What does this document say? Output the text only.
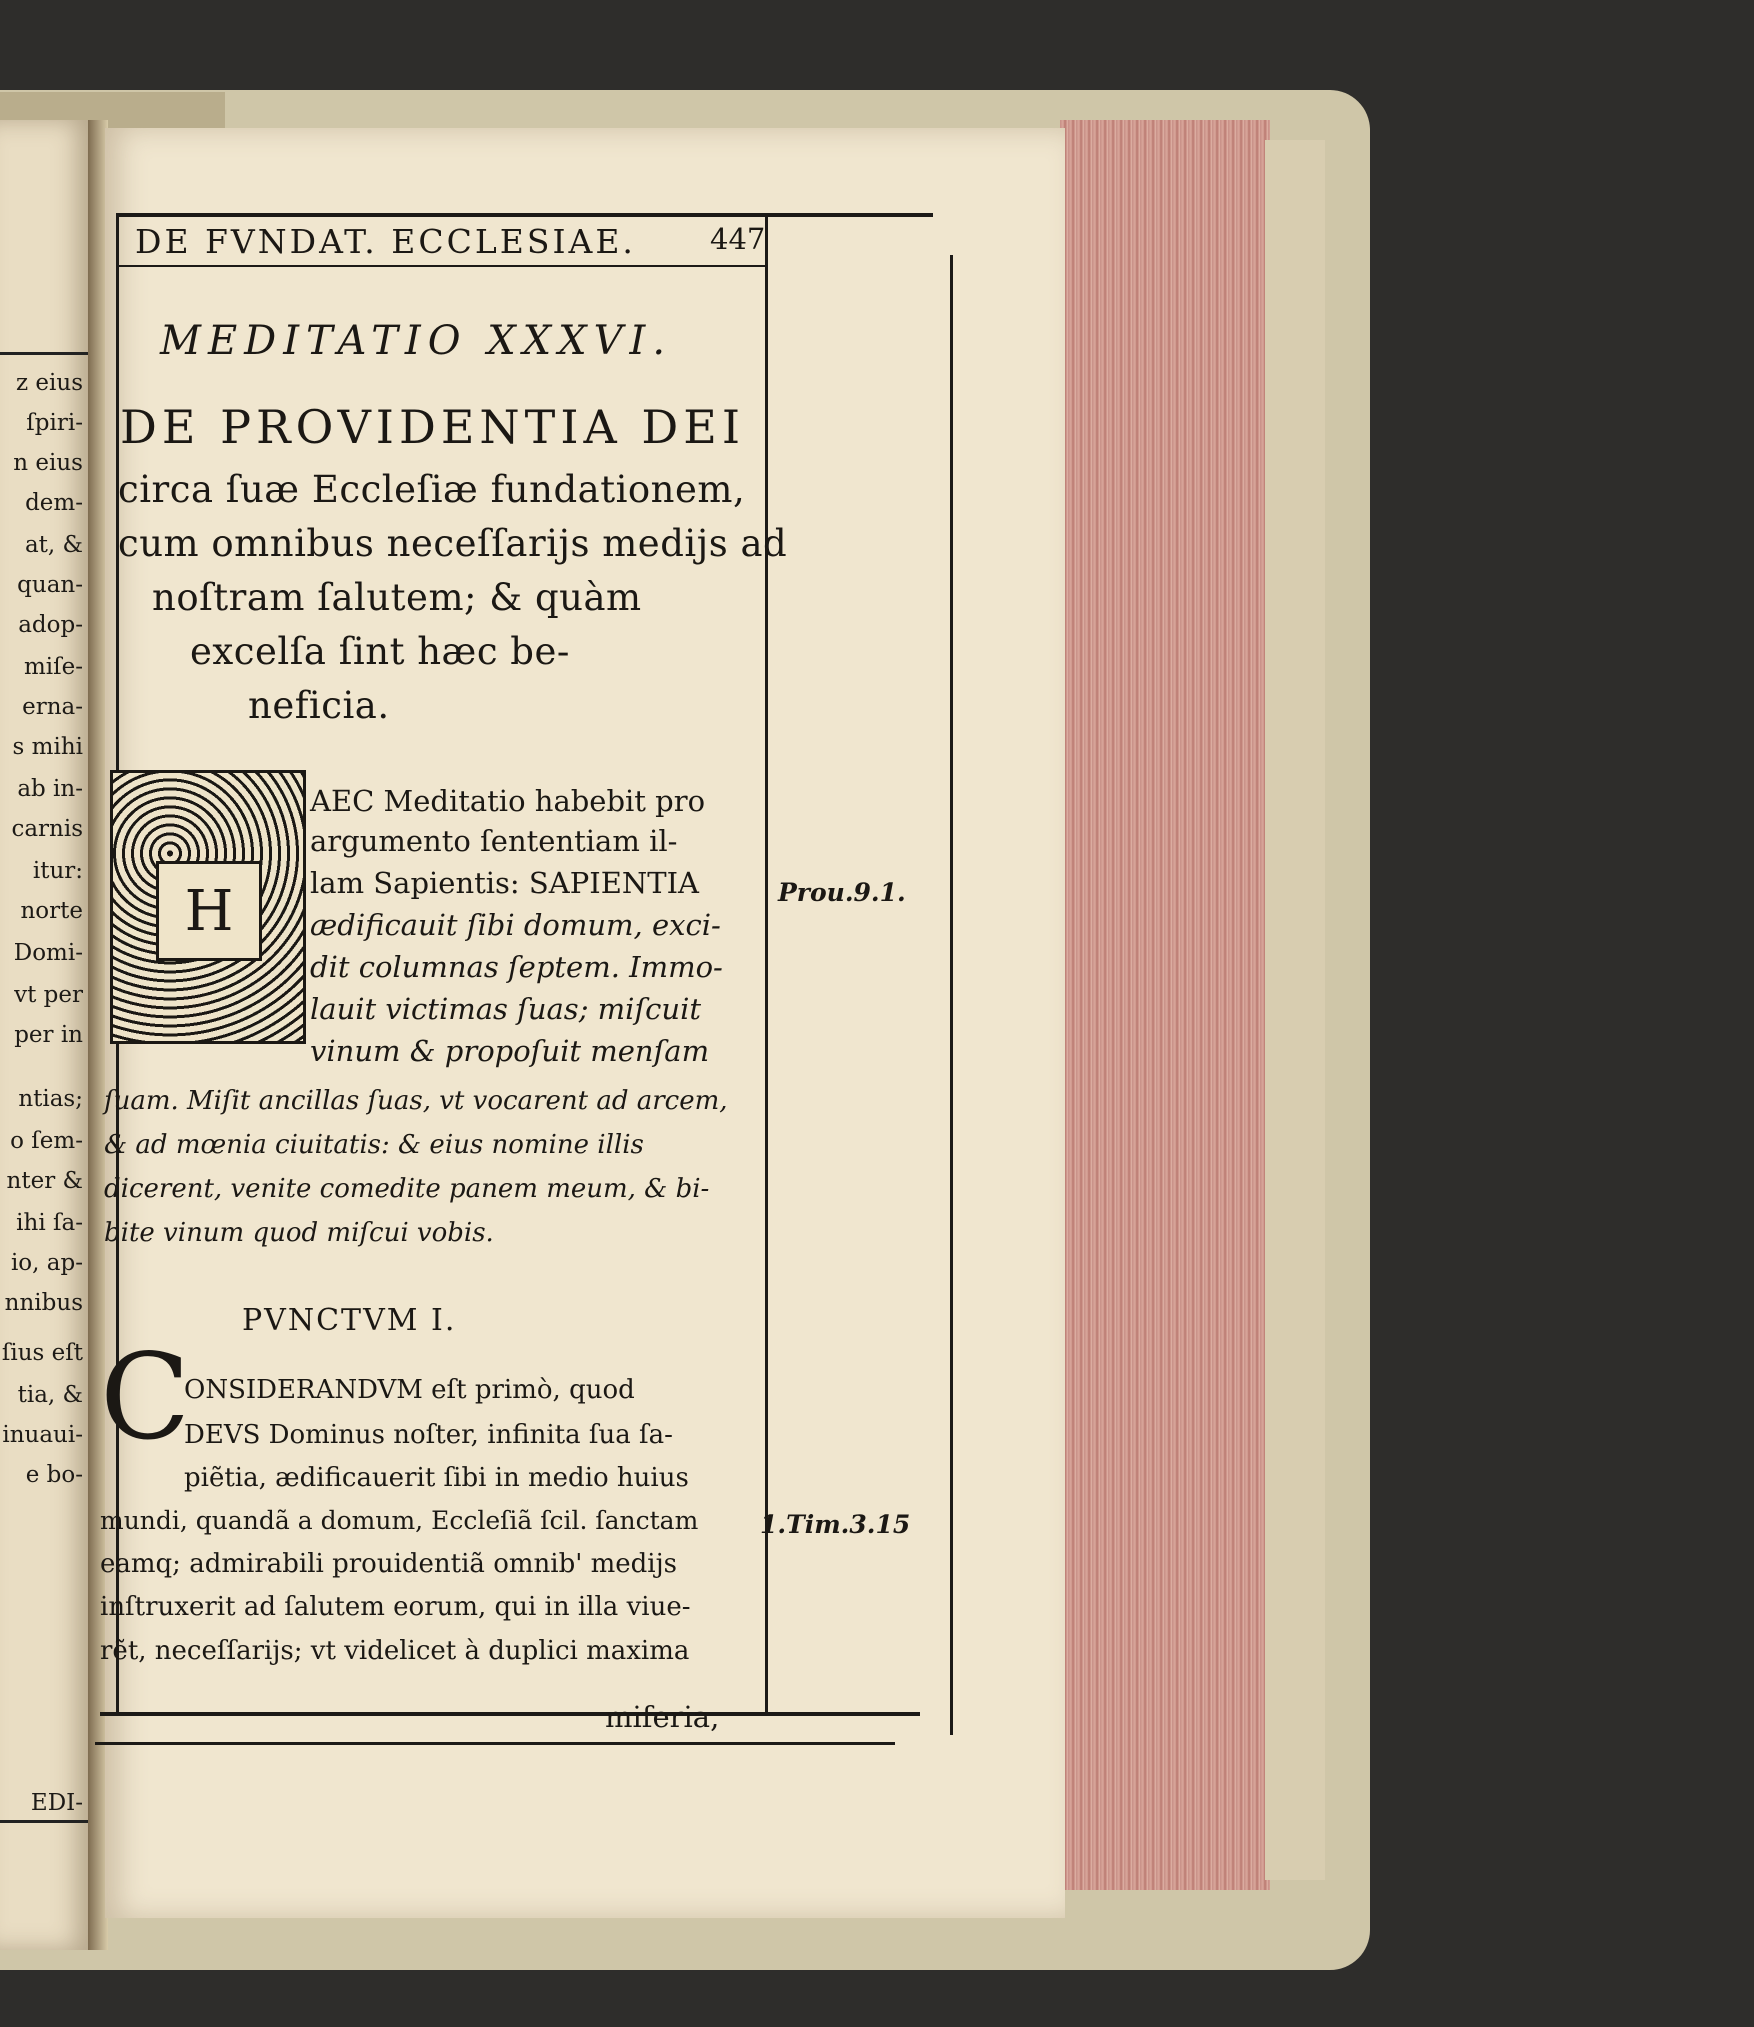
z eius
ſpiri-
n eius
dem-
at, &
quan-
adop-
miſe-
erna-
s mihi
ab in-
carnis
itur:
norte
Domi-
vt per
per in
ntias;
o ſem-
nter &
ihi ſa-
io, ap-
nnibus
ſius eſt
tia, &
inuaui-
e bo-
EDI-
DE FVNDAT. ECCLESIAE.	447
MEDITATIO XXXVI.
DE PROVIDENTIA DEI
circa ſuæ Eccleſiæ fundationem,
cum omnibus neceſſarijs medijs ad
noſtram ſalutem; & quàm
excelſa ſint hæc be-
neficia.
H
AEC Meditatio habebit pro
argumento ſententiam il-
lam Sapientis: SAPIENTIA
ædificauit ſibi domum, exci-
dit columnas ſeptem. Immo-
lauit victimas ſuas; miſcuit
vinum & propoſuit menſam
ſuam. Miſit ancillas ſuas, vt vocarent ad arcem,
& ad mœnia ciuitatis: & eius nomine illis
dicerent, venite comedite panem meum, & bi-
bite vinum quod miſcui vobis.
PVNCTVM I.
C
ONSIDERANDVM eſt primò, quod
DEVS Dominus noſter, infinita ſua ſa-
piẽtia, ædificauerit ſibi in medio huius
mundi, quandã a domum, Eccleſiã ſcil. ſanctam
eamq; admirabili prouidentiã omnib' medijs
inſtruxerit ad ſalutem eorum, qui in illa viue-
rẽt, neceſſarijs; vt videlicet à duplici maxima
miſeria,
Prou.9.1.
1.Tim.3.15
